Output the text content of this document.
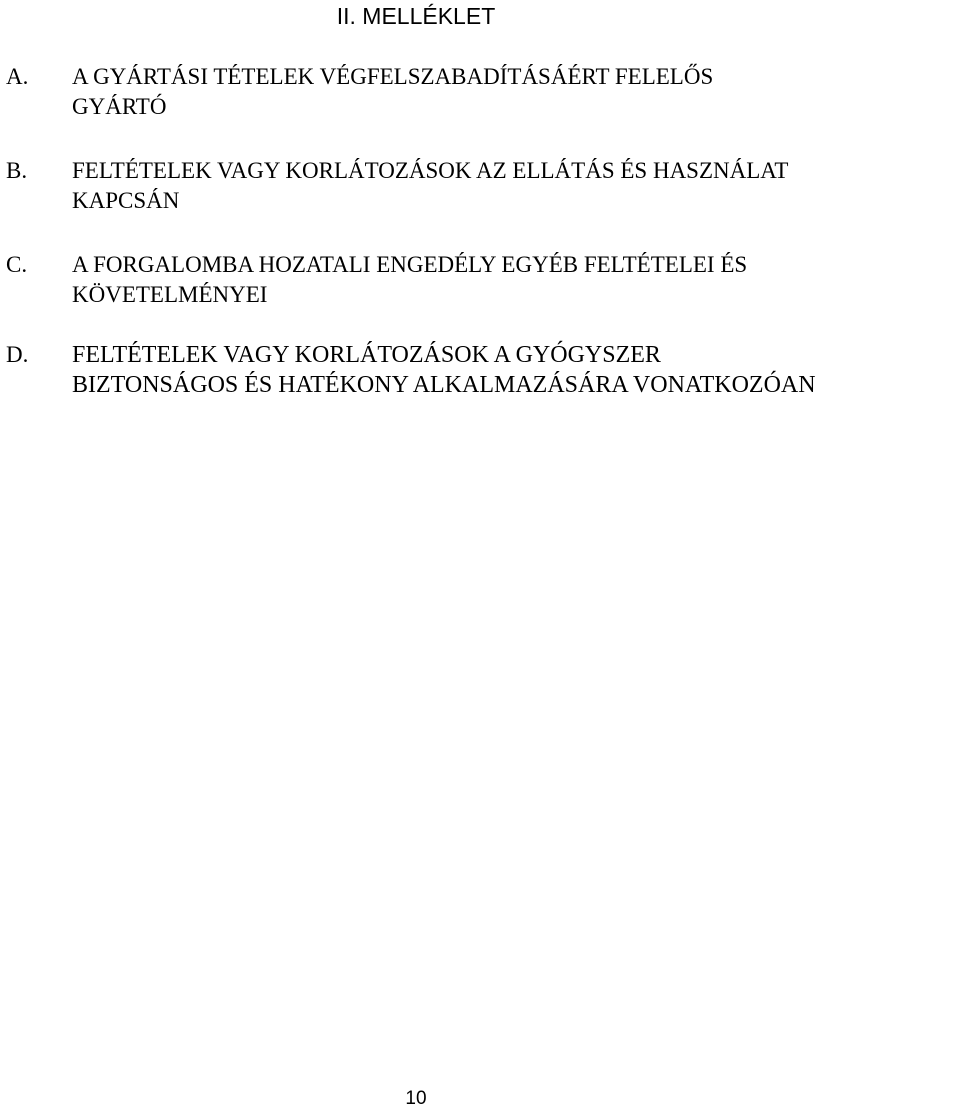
II. MELLÉKLET
A. A GYÁRTÁSI TÉTELEK VÉGFELSZABADÍTÁSÁÉRT FELELŐS
GYÁRTÓ
B. FELTÉTELEK VAGY KORLÁTOZÁSOK AZ ELLÁTÁS ÉS HASZNÁLAT
KAPCSÁN
C. A FORGALOMBA HOZATALI ENGEDÉLY EGYÉB FELTÉTELEI ÉS
KÖVETELMÉNYEI
D. FELTÉTELEK VAGY KORLÁTOZÁSOK A GYÓGYSZER
BIZTONSÁGOS ÉS HATÉKONY ALKALMAZÁSÁRA VONATKOZÓAN
10
